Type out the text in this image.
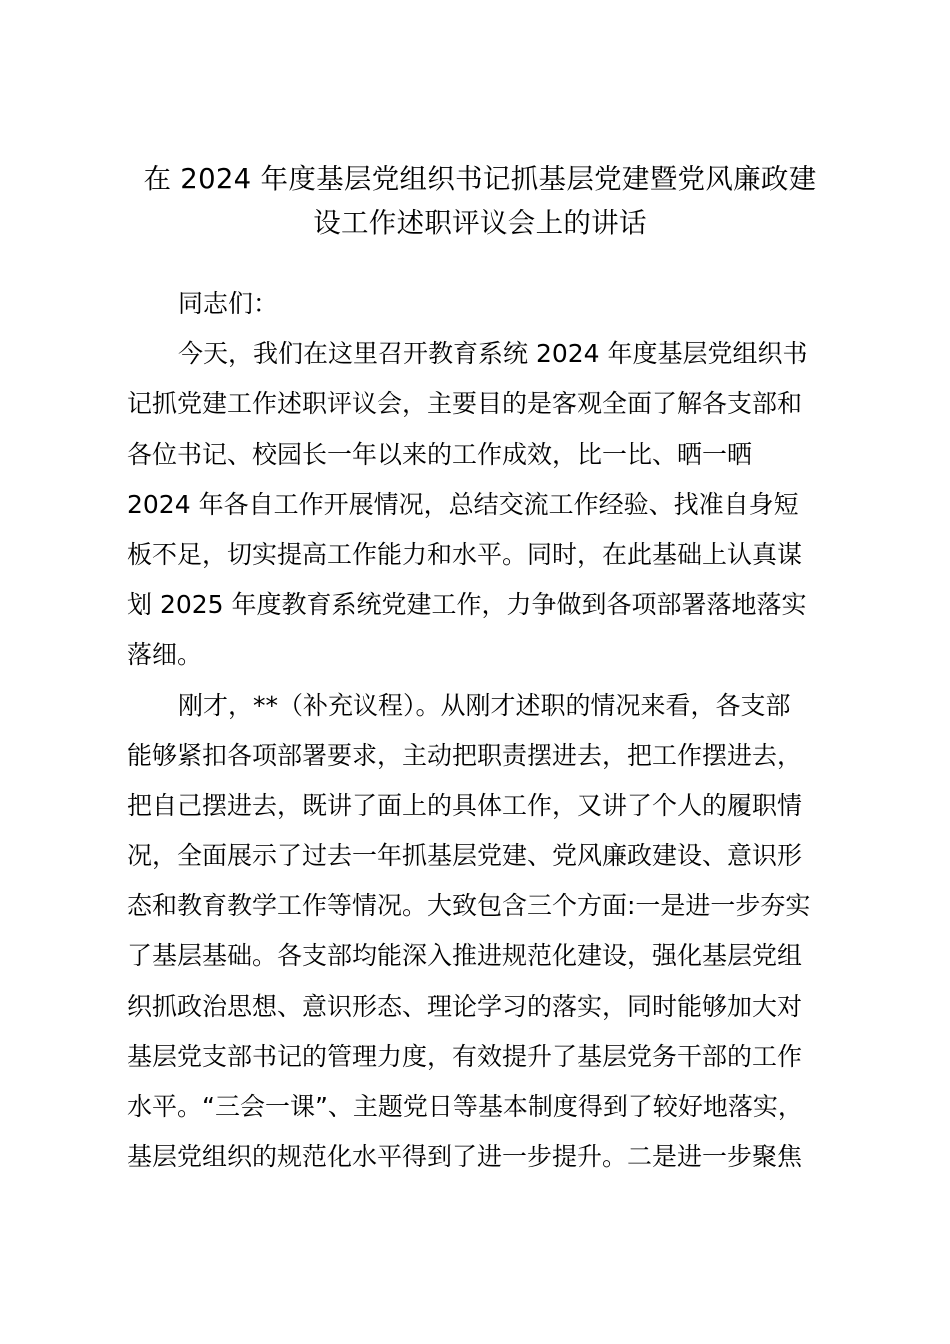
在 2024 年度基层党组织书记抓基层党建暨党风廉政建
设工作述职评议会上的讲话
同志们：
今天，我们在这里召开教育系统 2024 年度基层党组织书
记抓党建工作述职评议会，主要目的是客观全面了解各支部和
各位书记、校园长一年以来的工作成效，比一比、晒一晒
2024 年各自工作开展情况，总结交流工作经验、找准自身短
板不足，切实提高工作能力和水平。同时，在此基础上认真谋
划 2025 年度教育系统党建工作，力争做到各项部署落地落实
落细。
刚才，**（补充议程）。从刚才述职的情况来看，各支部
能够紧扣各项部署要求，主动把职责摆进去，把工作摆进去，
把自己摆进去，既讲了面上的具体工作，又讲了个人的履职情
况，全面展示了过去一年抓基层党建、党风廉政建设、意识形
态和教育教学工作等情况。大致包含三个方面:一是进一步夯实
了基层基础。各支部均能深入推进规范化建设，强化基层党组
织抓政治思想、意识形态、理论学习的落实，同时能够加大对
基层党支部书记的管理力度，有效提升了基层党务干部的工作
水平。“三会一课”、主题党日等基本制度得到了较好地落实，
基层党组织的规范化水平得到了进一步提升。二是进一步聚焦
